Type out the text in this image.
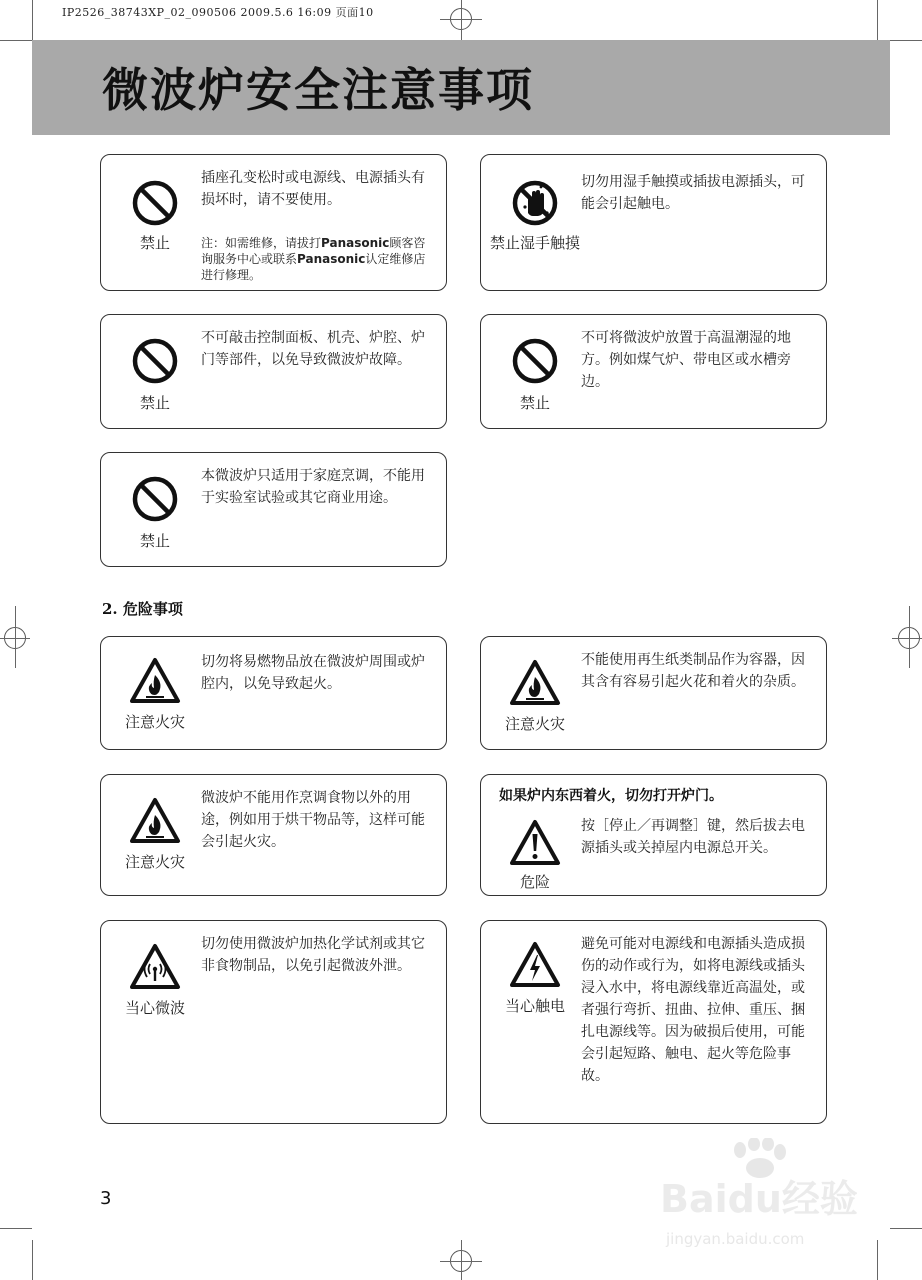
IP2526_38743XP_02_090506 2009.5.6 16:09 页面10
微波炉安全注意事项
禁止
插座孔变松时或电源线、电源插头有损坏时，请不要使用。
注：如需维修，请拔打Panasonic顾客咨询服务中心或联系Panasonic认定维修店进行修理。
禁止湿手触摸
切勿用湿手触摸或插拔电源插头，可能会引起触电。
禁止
不可敲击控制面板、机壳、炉腔、炉门等部件，以免导致微波炉故障。
禁止
不可将微波炉放置于高温潮湿的地方。例如煤气炉、带电区或水槽旁边。
禁止
本微波炉只适用于家庭烹调，不能用于实验室试验或其它商业用途。
2. 危险事项
注意火灾
切勿将易燃物品放在微波炉周围或炉腔内，以免导致起火。
注意火灾
不能使用再生纸类制品作为容器，因其含有容易引起火花和着火的杂质。
注意火灾
微波炉不能用作烹调食物以外的用途，例如用于烘干物品等，这样可能会引起火灾。
如果炉内东西着火，切勿打开炉门。
危险
按［停止／再调整］键，然后拔去电源插头或关掉屋内电源总开关。
当心微波
切勿使用微波炉加热化学试剂或其它非食物制品，以免引起微波外泄。
当心触电
避免可能对电源线和电源插头造成损伤的动作或行为，如将电源线或插头浸入水中，将电源线靠近高温处，或者强行弯折、扭曲、拉伸、重压、捆扎电源线等。因为破损后使用，可能会引起短路、触电、起火等危险事故。
3	Baidu经验
jingyan.baidu.com
